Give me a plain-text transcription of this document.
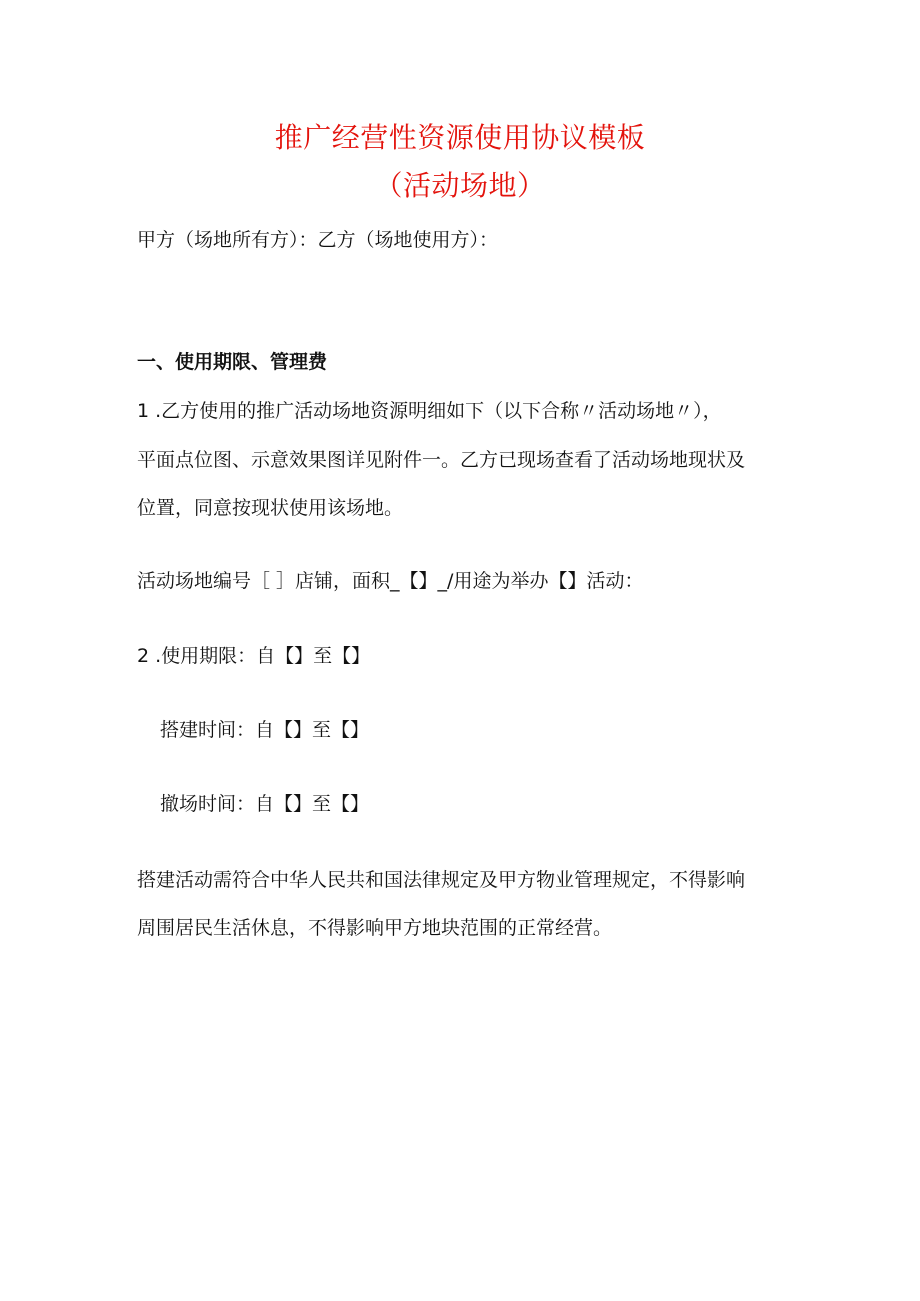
推广经营性资源使用协议模板
（活动场地）
甲方（场地所有方）：乙方（场地使用方）：
一、使用期限、管理费
1 .乙方使用的推广活动场地资源明细如下（以下合称〃活动场地〃），
平面点位图、示意效果图详见附件一。乙方已现场查看了活动场地现状及
位置，同意按现状使用该场地。
活动场地编号［ ］店铺，面积_【】_/用途为举办【】活动：
2 .使用期限：自【】至【】
搭建时间：自【】至【】
撤场时间：自【】至【】
搭建活动需符合中华人民共和国法律规定及甲方物业管理规定，不得影响
周围居民生活休息，不得影响甲方地块范围的正常经营。
